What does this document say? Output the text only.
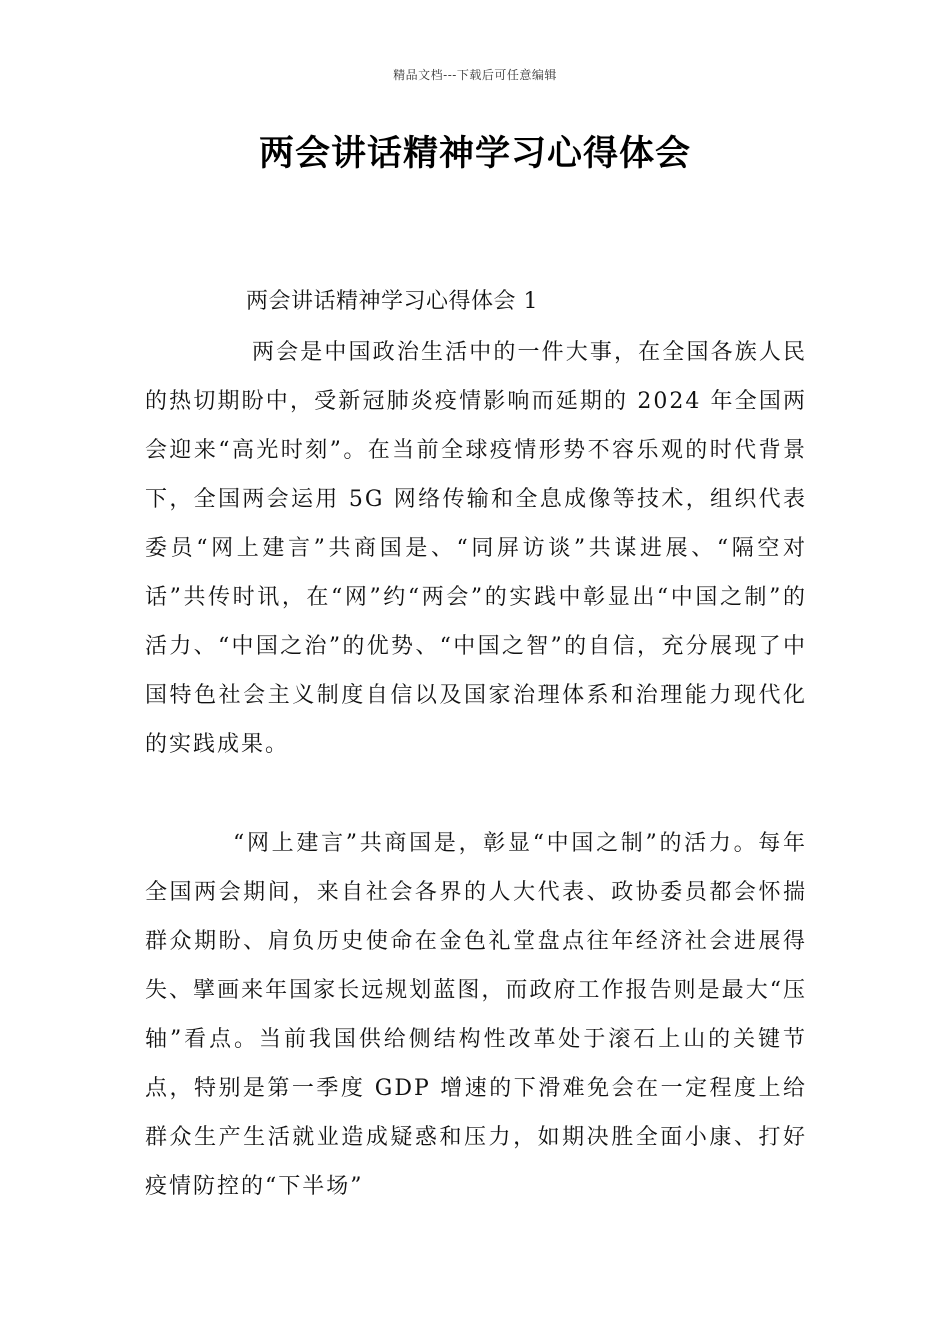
精品文档---下载后可任意编辑
两会讲话精神学习心得体会
两会讲话精神学习心得体会 1

两会是中国政治生活中的一件大事，在全国各族人民的热切期盼中，受新冠肺炎疫情影响而延期的 2024 年全国两会迎来“高光时刻”。在当前全球疫情形势不容乐观的时代背景下，全国两会运用 5G 网络传输和全息成像等技术，组织代表委员“网上建言”共商国是、“同屏访谈”共谋进展、“隔空对话”共传时讯，在“网”约“两会”的实践中彰显出“中国之制”的活力、“中国之治”的优势、“中国之智”的自信，充分展现了中国特色社会主义制度自信以及国家治理体系和治理能力现代化的实践成果。

“网上建言”共商国是，彰显“中国之制”的活力。每年全国两会期间，来自社会各界的人大代表、政协委员都会怀揣群众期盼、肩负历史使命在金色礼堂盘点往年经济社会进展得失、擘画来年国家长远规划蓝图，而政府工作报告则是最大“压轴”看点。当前我国供给侧结构性改革处于滚石上山的关键节点，特别是第一季度 GDP 增速的下滑难免会在一定程度上给群众生产生活就业造成疑惑和压力，如期决胜全面小康、打好疫情防控的“下半场”
